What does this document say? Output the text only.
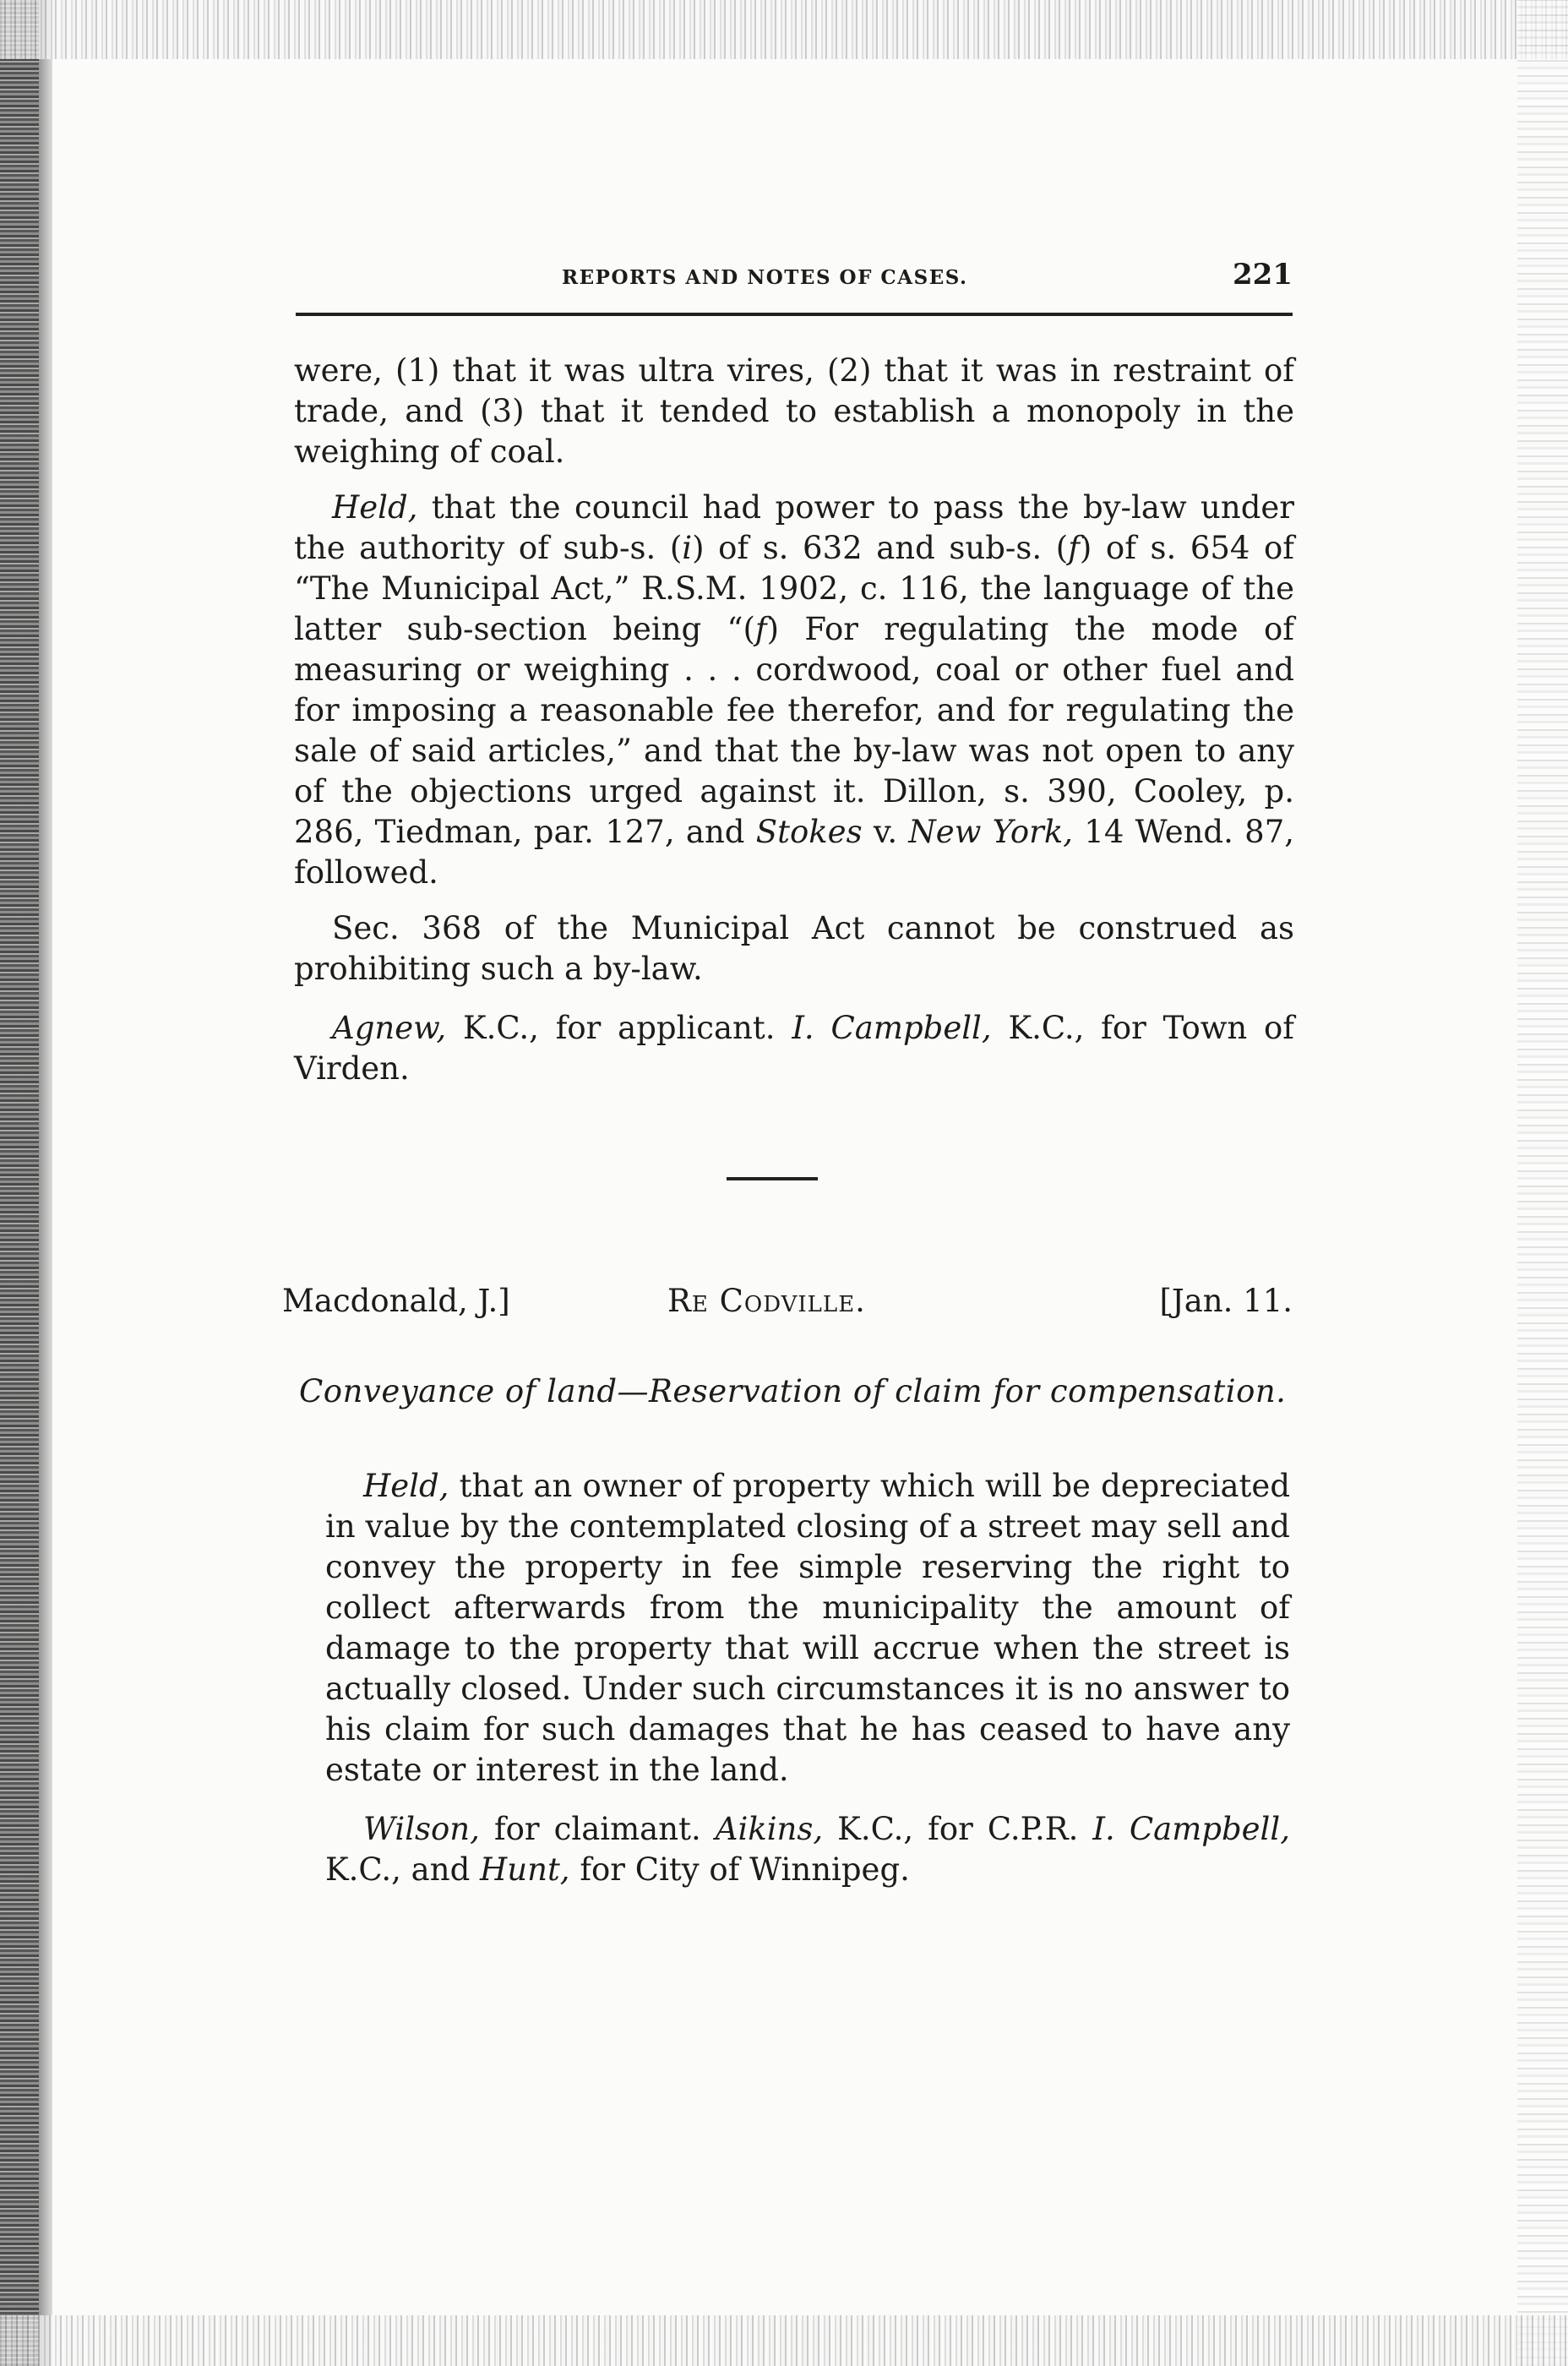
REPORTS AND NOTES OF CASES.	221

were, (1) that it was ultra vires, (2) that it was in restraint of trade, and (3) that it tended to establish a monopoly in the weighing of coal.

Held, that the council had power to pass the by-law under the authority of sub-s. (i) of s. 632 and sub-s. (f) of s. 654 of “The Municipal Act,” R.S.M. 1902, c. 116, the language of the latter sub-section being “(f) For regulating the mode of measuring or weighing . . . cordwood, coal or other fuel and for imposing a reasonable fee therefor, and for regulating the sale of said articles,” and that the by-law was not open to any of the objections urged against it. Dillon, s. 390, Cooley, p. 286, Tiedman, par. 127, and Stokes v. New York, 14 Wend. 87, followed.

Sec. 368 of the Municipal Act cannot be construed as prohibiting such a by-law.

Agnew, K.C., for applicant. I. Campbell, K.C., for Town of Virden.

Macdonald, J.]	Re Codville.	[Jan. 11.
Conveyance of land—Reservation of claim for compensation.

Held, that an owner of property which will be depreciated in value by the contemplated closing of a street may sell and convey the property in fee simple reserving the right to collect afterwards from the municipality the amount of damage to the property that will accrue when the street is actually closed. Under such circumstances it is no answer to his claim for such damages that he has ceased to have any estate or interest in the land.

Wilson, for claimant. Aikins, K.C., for C.P.R. I. Campbell, K.C., and Hunt, for City of Winnipeg.
